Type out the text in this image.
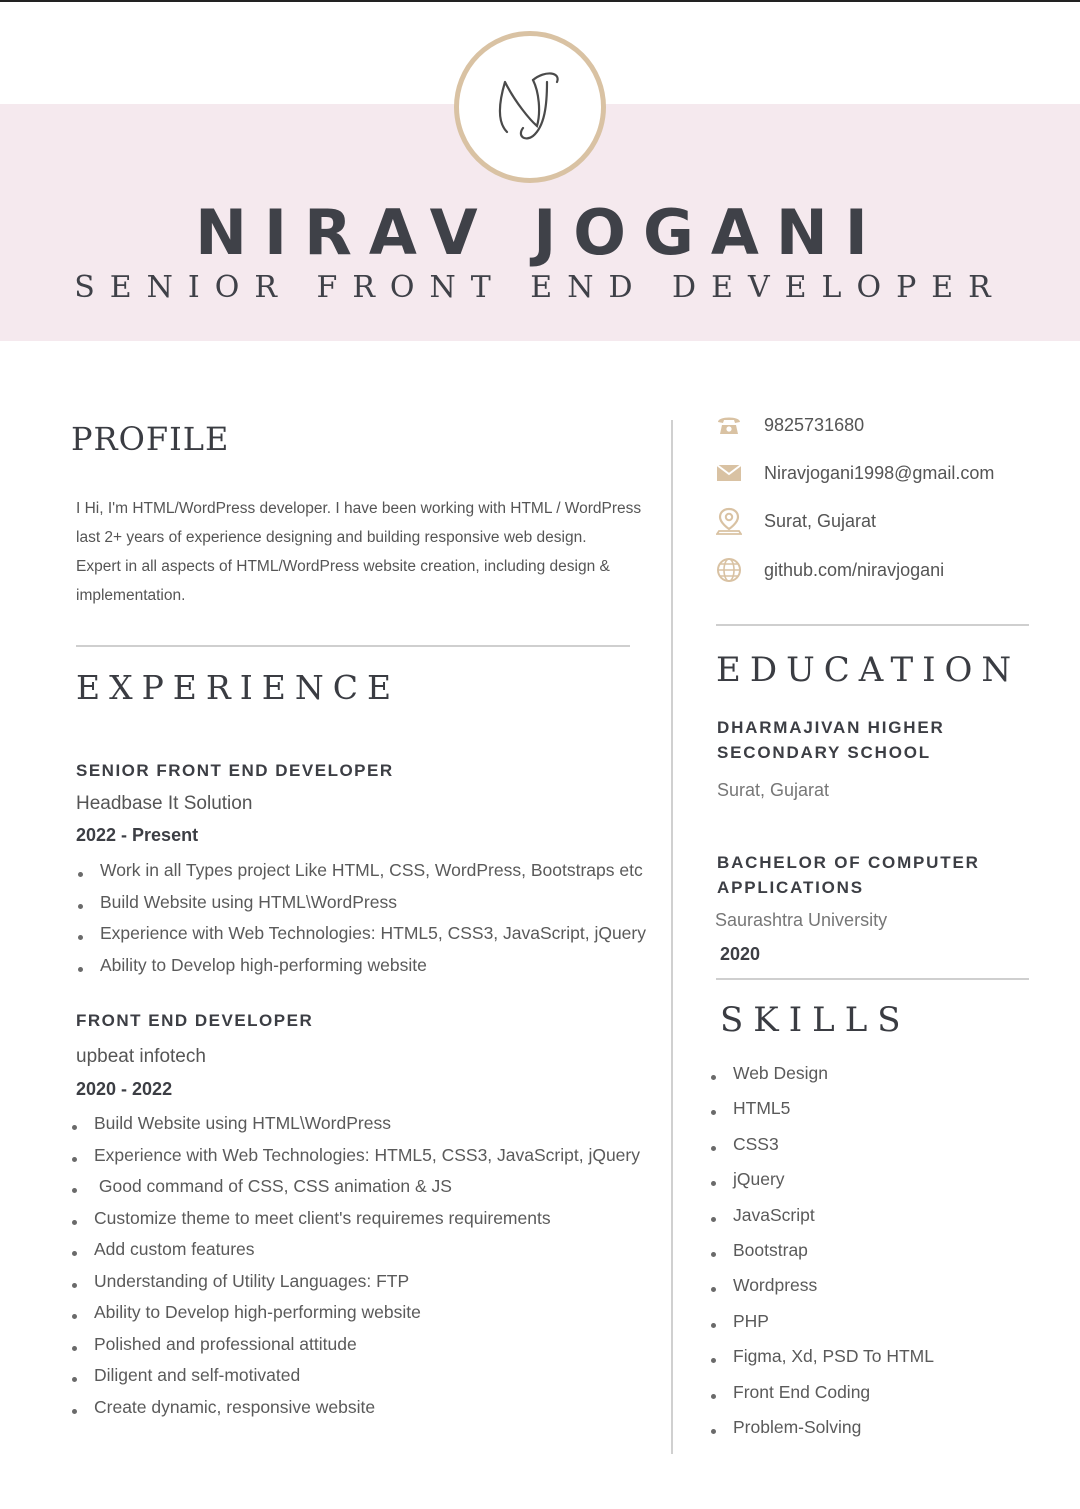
NIRAV JOGANI
SENIOR FRONT END DEVELOPER
PROFILE
I Hi, I'm HTML/WordPress developer. I have been working with HTML / WordPress last 2+ years of experience designing and building responsive web design.
Expert in all aspects of HTML/WordPress website creation, including design & implementation.
EXPERIENCE

SENIOR FRONT END DEVELOPER

Headbase It Solution

2022 - Present

Work in all Types project Like HTML, CSS, WordPress, Bootstraps etc
Build Website using HTML\WordPress
Experience with Web Technologies: HTML5, CSS3, JavaScript, jQuery
Ability to Develop high-performing website

FRONT END DEVELOPER

upbeat infotech

2020 - 2022

Build Website using HTML\WordPress
Experience with Web Technologies: HTML5, CSS3, JavaScript, jQuery
Good command of CSS, CSS animation & JS
Customize theme to meet client's requiremes requirements
Add custom features
Understanding of Utility Languages: FTP
Ability to Develop high-performing website
Polished and professional attitude
Diligent and self-motivated
Create dynamic, responsive website
9825731680
Niravjogani1998@gmail.com
Surat, Gujarat
github.com/niravjogani
EDUCATION

DHARMAJIVAN HIGHER SECONDARY SCHOOL

Surat, Gujarat

BACHELOR OF COMPUTER APPLICATIONS

Saurashtra University

2020

SKILLS
Web Design
HTML5
CSS3
jQuery
JavaScript
Bootstrap
Wordpress
PHP
Figma, Xd, PSD To HTML
Front End Coding
Problem-Solving
